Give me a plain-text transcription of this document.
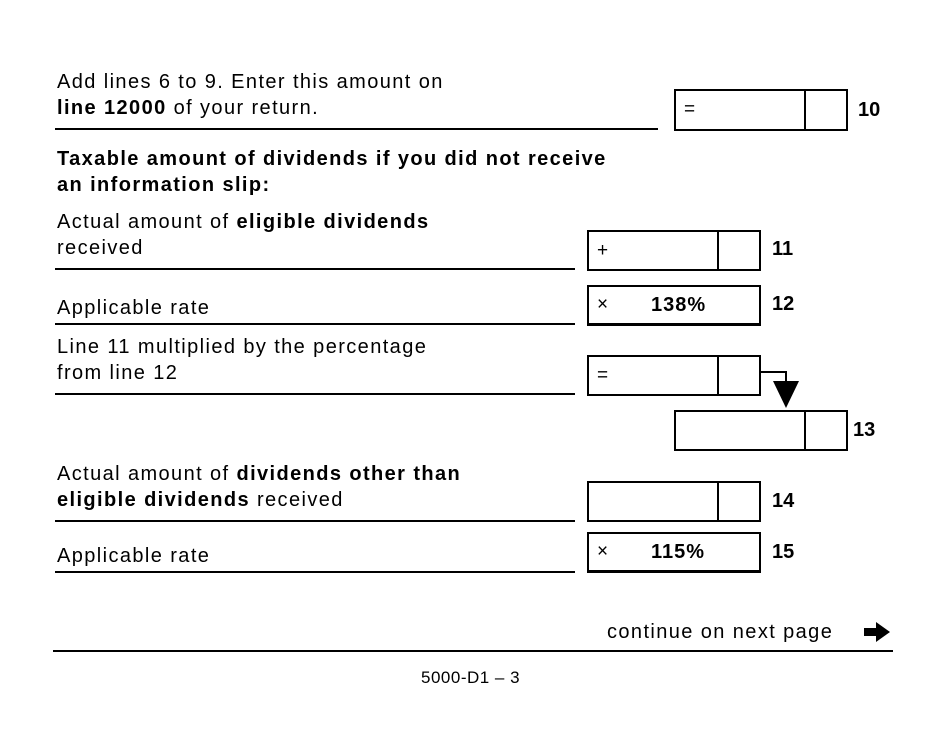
Add lines 6 to 9. Enter this amount on
line 12000 of your return.	=	10
Taxable amount of dividends if you did not receive
an information slip:
Actual amount of eligible dividends
received	+	11
Applicable rate	× 138%	12
Line 11 multiplied by the percentage
from line 12	=
13
Actual amount of dividends other than
eligible dividends received	14
Applicable rate	× 115%	15
continue on next page
5000-D1 – 3
